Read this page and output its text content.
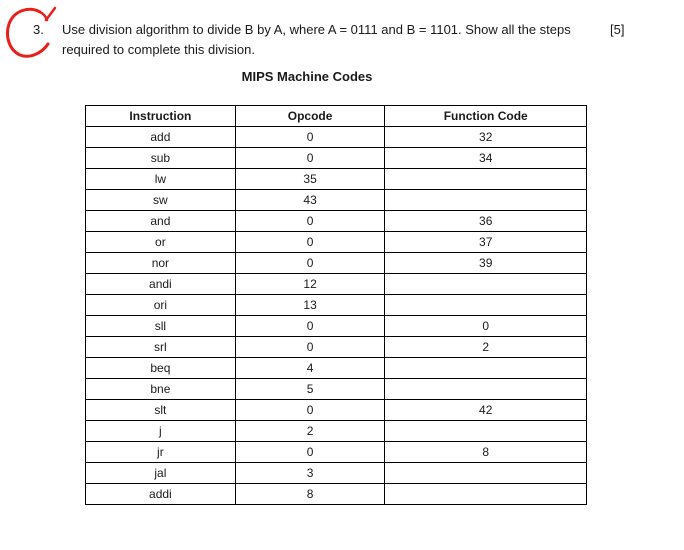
3. Use division algorithm to divide B by A, where A = 0111 and B = 1101. Show all the steps
required to complete this division.
[5]
MIPS Machine Codes
Instruction	Opcode	Function Code
add	0	32
sub	0	34
lw	35	
sw	43	
and	0	36
or	0	37
nor	0	39
andi	12	
ori	13	
sll	0	0
srl	0	2
beq	4	
bne	5	
slt	0	42
j	2	
jr	0	8
jal	3	
addi	8	
